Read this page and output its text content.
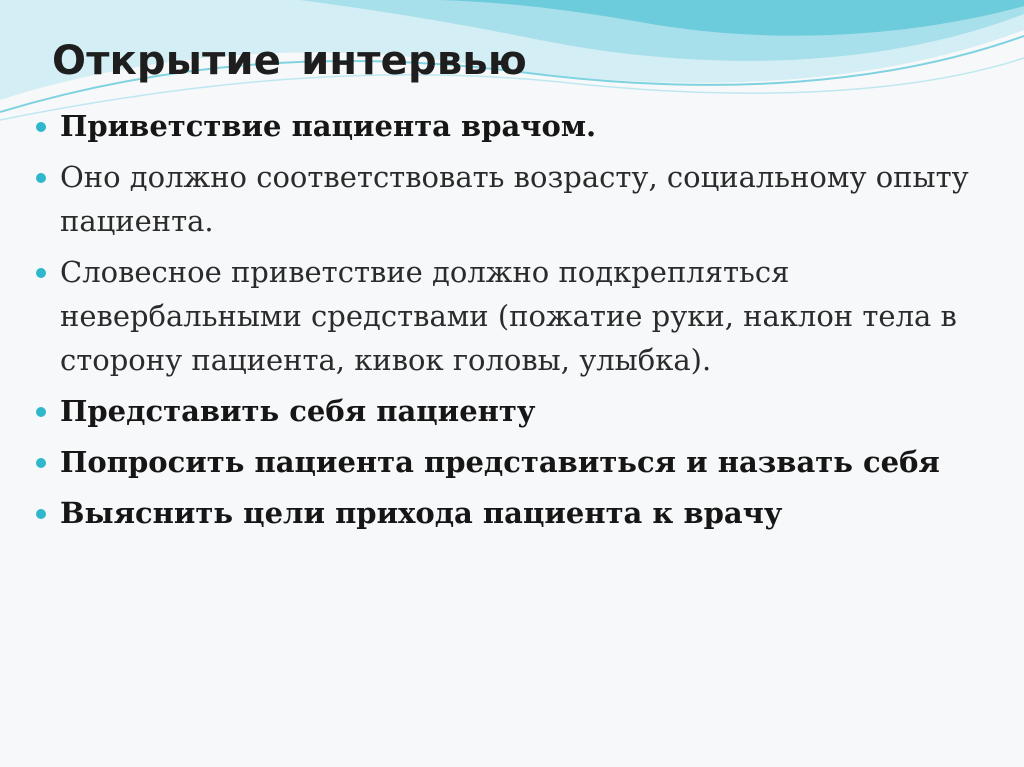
Открытие интервью
Приветствие пациента врачом.
Оно должно соответствовать возрасту, социальному опыту пациента.
Словесное приветствие должно подкрепляться невербальными средствами (пожатие руки, наклон тела в сторону пациента, кивок головы, улыбка).
Представить себя пациенту
Попросить пациента представиться и назвать себя
Выяснить цели прихода пациента к врачу
